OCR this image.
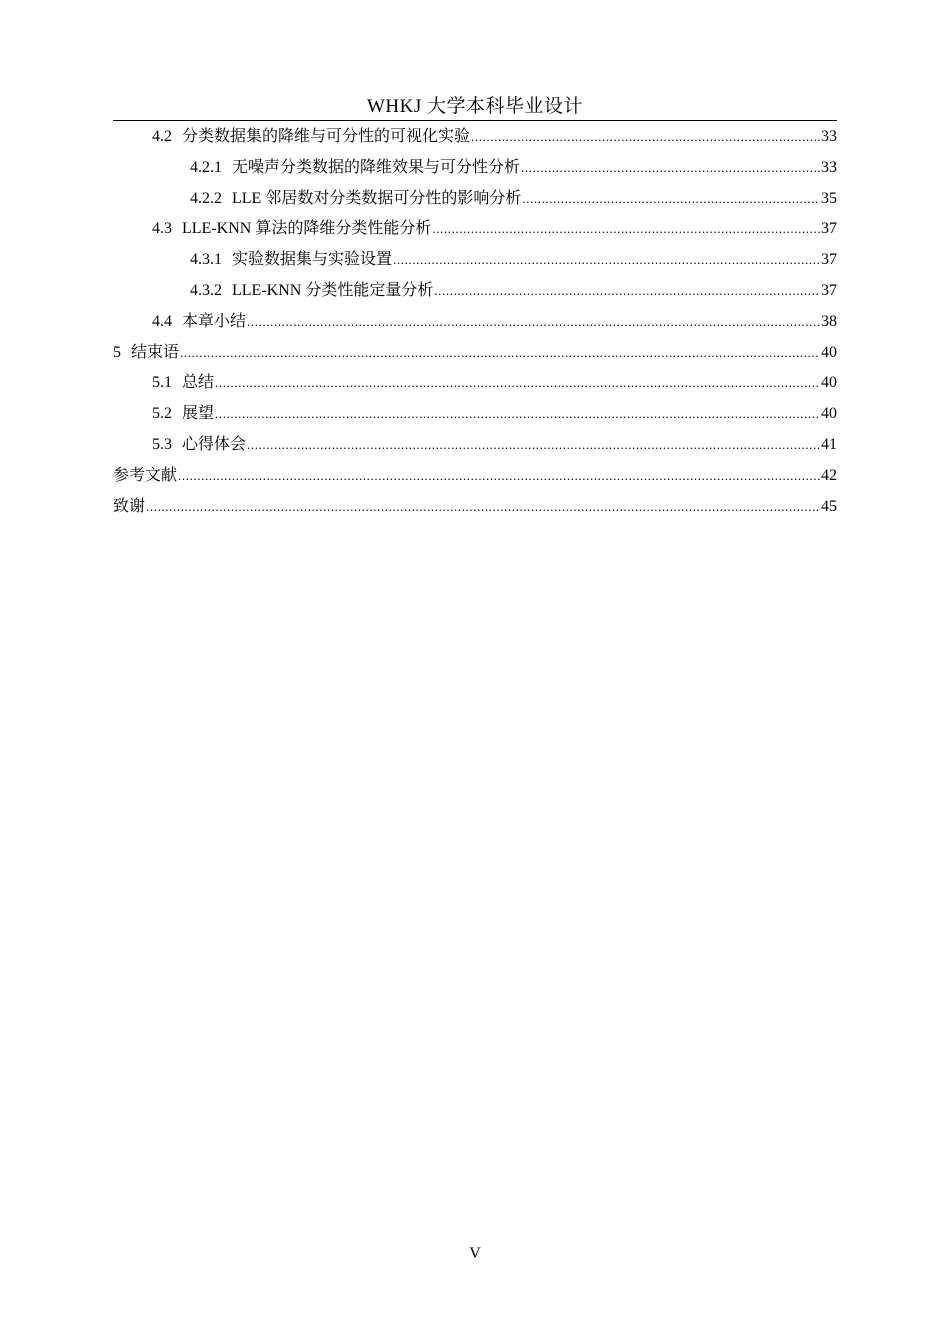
WHKJ 大学本科毕业设计
4.2 分类数据集的降维与可分性的可视化实验 .....	33
4.2.1 无噪声分类数据的降维效果与可分性分析 .....	33
4.2.2 LLE 邻居数对分类数据可分性的影响分析 .....	35
4.3 LLE-KNN 算法的降维分类性能分析 .....	37
4.3.1 实验数据集与实验设置 .....	37
4.3.2 LLE-KNN 分类性能定量分析 .....	37
4.4 本章小结 .....	38
5 结束语 .....	40
5.1 总结 .....	40
5.2 展望 .....	40
5.3 心得体会 .....	41
参考文献 .....	42
致谢 .....	45
V
